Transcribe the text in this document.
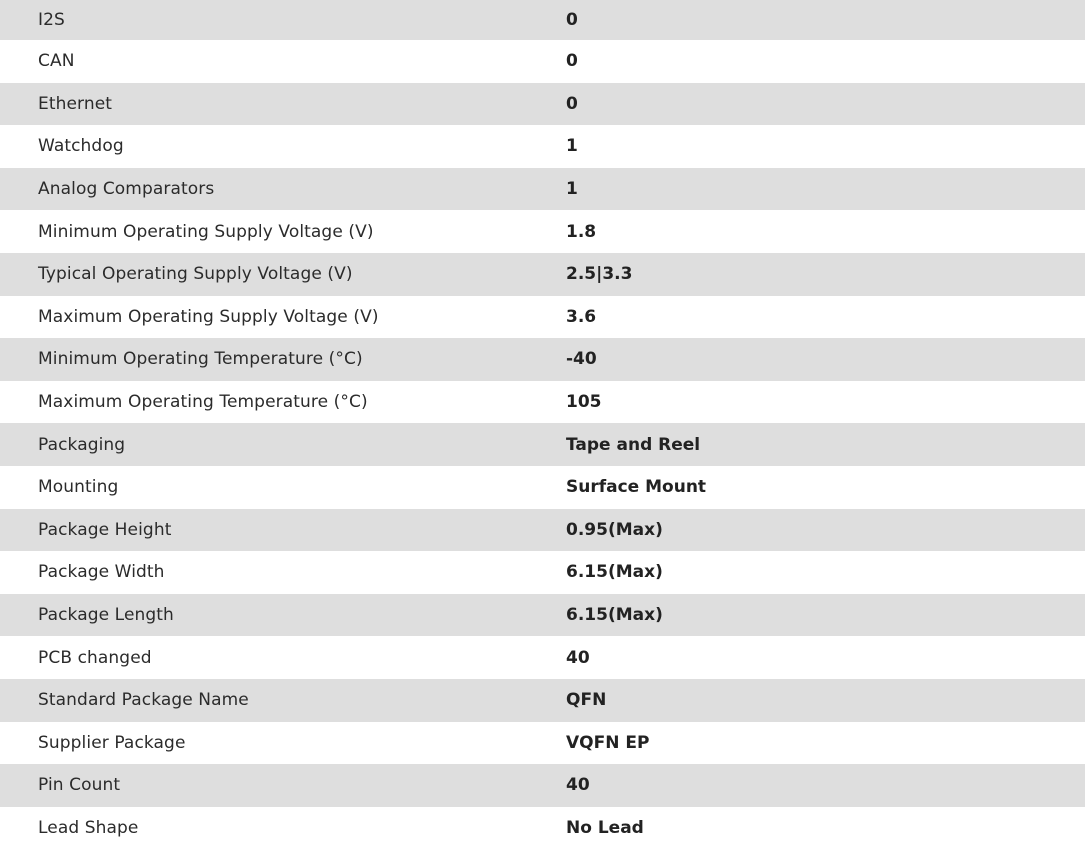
I2S	0
CAN	0
Ethernet	0
Watchdog	1
Analog Comparators	1
Minimum Operating Supply Voltage (V)	1.8
Typical Operating Supply Voltage (V)	2.5|3.3
Maximum Operating Supply Voltage (V)	3.6
Minimum Operating Temperature (°C)	-40
Maximum Operating Temperature (°C)	105
Packaging	Tape and Reel
Mounting	Surface Mount
Package Height	0.95(Max)
Package Width	6.15(Max)
Package Length	6.15(Max)
PCB changed	40
Standard Package Name	QFN
Supplier Package	VQFN EP
Pin Count	40
Lead Shape	No Lead
